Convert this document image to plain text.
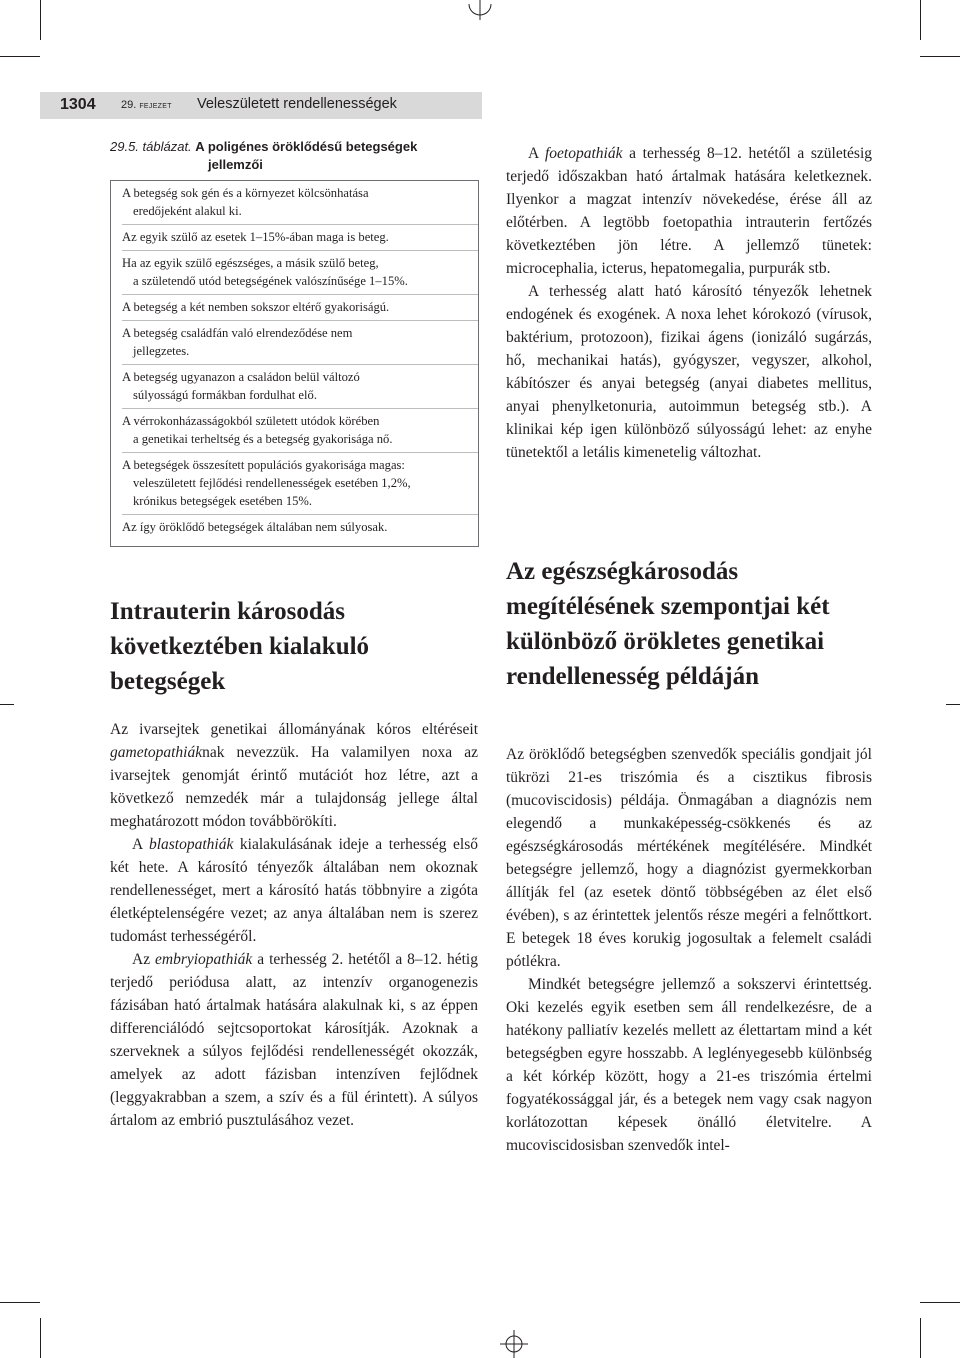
1304 29. FEJEZET Veleszületett rendellenességek
29.5. táblázat. A poligénes öröklődésű betegségek
jellemzői
A betegség sok gén és a környezet kölcsönhatása
eredőjeként alakul ki.
Az egyik szülő az esetek 1–15%-ában maga is beteg.
Ha az egyik szülő egészséges, a másik szülő beteg,
a születendő utód betegségének valószínűsége 1–15%.
A betegség a két nemben sokszor eltérő gyakoriságú.
A betegség családfán való elrendeződése nem
jellegzetes.
A betegség ugyanazon a családon belül változó
súlyosságú formákban fordulhat elő.
A vérrokonházasságokból született utódok körében
a genetikai terheltség és a betegség gyakorisága nő.
A betegségek összesített populációs gyakorisága magas:
veleszületett fejlődési rendellenességek esetében 1,2%,
krónikus betegségek esetében 15%.
Az így öröklődő betegségek általában nem súlyosak.
Intrauterin károsodás következtében kialakuló betegségek

Az ivarsejtek genetikai állományának kóros eltéréseit gametopathiáknak nevezzük. Ha valamilyen noxa az ivarsejtek genomját érintő mutációt hoz létre, azt a következő nemzedék már a tulajdonság jellege által meghatározott módon továbbörökíti.

A blastopathiák kialakulásának ideje a terhesség első két hete. A károsító tényezők általában nem okoznak rendellenességet, mert a károsító hatás többnyire a zigóta életképtelenségére vezet; az anya általában nem is szerez tudomást terhességéről.

Az embryiopathiák a terhesség 2. hetétől a 8–12. hétig terjedő periódusa alatt, az intenzív organogenezis fázisában ható ártalmak hatására alakulnak ki, s az éppen differenciálódó sejtcsoportokat károsítják. Azoknak a szerveknek a súlyos fejlődési rendellenességét okozzák, amelyek az adott fázisban intenzíven fejlődnek (leggyakrabban a szem, a szív és a fül érintett). A súlyos ártalom az embrió pusztulásához vezet.

A foetopathiák a terhesség 8–12. hetétől a születésig terjedő időszakban ható ártalmak hatására keletkeznek. Ilyenkor a magzat intenzív növekedése, érése áll az előtérben. A legtöbb foetopathia intrauterin fertőzés következtében jön létre. A jellemző tünetek: microcephalia, icterus, hepatomegalia, purpurák stb.

A terhesség alatt ható károsító tényezők lehetnek endogének és exogének. A noxa lehet kórokozó (vírusok, baktérium, protozoon), fizikai ágens (ionizáló sugárzás, hő, mechanikai hatás), gyógyszer, vegyszer, alkohol, kábítószer és anyai betegség (anyai diabetes mellitus, anyai phenylketonuria, autoimmun betegség stb.). A klinikai kép igen különböző súlyosságú lehet: az enyhe tünetektől a letális kimenetelig változhat.

Az egészségkárosodás megítélésének szempontjai két különböző örökletes genetikai rendellenesség példáján

Az öröklődő betegségben szenvedők speciális gondjait jól tükrözi 21-es triszómia és a cisztikus fibrosis (mucoviscidosis) példája. Önmagában a diagnózis nem elegendő a munkaképesség-csökkenés és az egészségkárosodás mértékének megítélésére. Mindkét betegségre jellemző, hogy a diagnózist gyermekkorban állítják fel (az esetek döntő többségében az élet első évében), s az érintettek jelentős része megéri a felnőttkort. E betegek 18 éves korukig jogosultak a felemelt családi pótlékra.

Mindkét betegségre jellemző a sokszervi érintettség. Oki kezelés egyik esetben sem áll rendelkezésre, de a hatékony palliatív kezelés mellett az élettartam mind a két betegségben egyre hosszabb. A leglényegesebb különbség a két kórkép között, hogy a 21-es triszómia értelmi fogyatékossággal jár, és a betegek nem vagy csak nagyon korlátozottan képesek önálló életvitelre. A mucoviscidosisban szenvedők intel-
